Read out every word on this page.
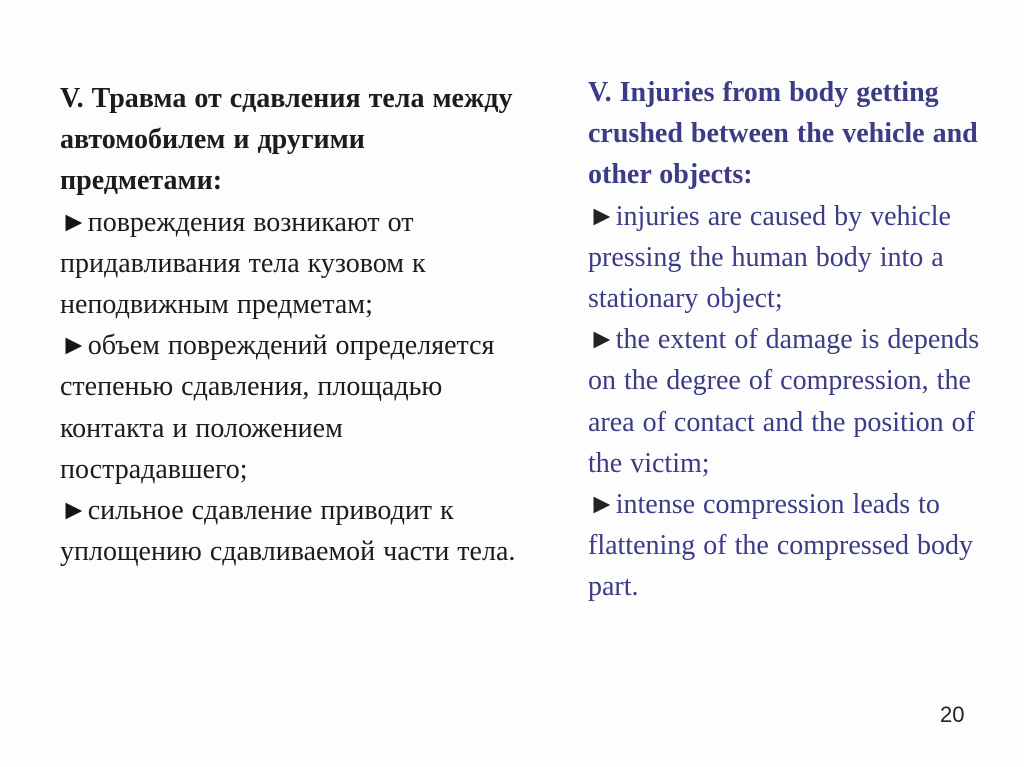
V. Травма от сдавления тела между автомобилем и другими предметами:

►повреждения возникают от придавливания тела кузовом к неподвижным предметам;

►объем повреждений определяется степенью сдавления, площадью контакта и положением пострадавшего;

►сильное сдавление приводит к уплощению сдавливаемой части тела.

V. Injuries from body getting crushed between the vehicle and other objects:

►injuries are caused by vehicle pressing the human body into a stationary object;

►the extent of damage is depends on the degree of compression, the area of contact and the position of the victim;

►intense compression leads to flattening of the compressed body part.

20
